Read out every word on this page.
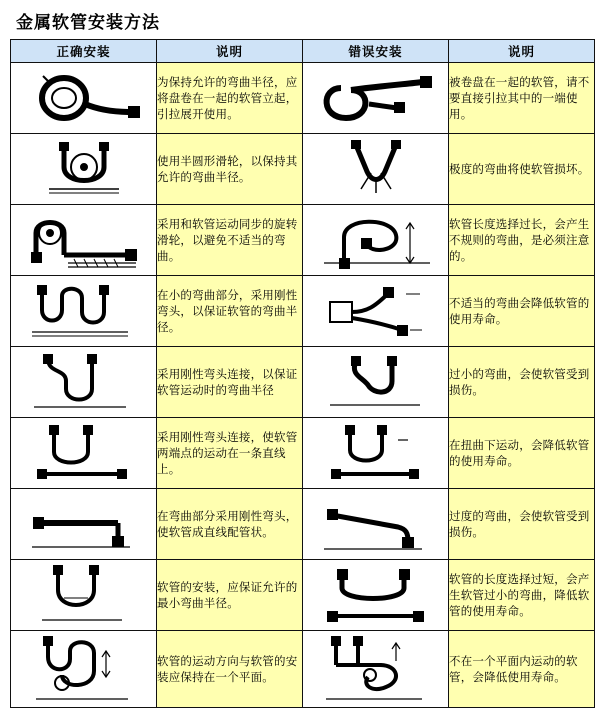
金属软管安装方法
正确安装	说明	错误安装	说明

	为保持允许的弯曲半径，应将盘卷在一起的软管立起，引拉展开使用。		被卷盘在一起的软管，请不要直接引拉其中的一端使用。

	使用半圆形滑轮，以保持其允许的弯曲半径。		极度的弯曲将使软管损坏。

	采用和软管运动同步的旋转滑轮，以避免不适当的弯曲。		软管长度选择过长，会产生不规则的弯曲，是必须注意的。

	在小的弯曲部分，采用刚性弯头，以保证软管的弯曲半径。		不适当的弯曲会降低软管的使用寿命。

	采用刚性弯头连接，以保证软管运动时的弯曲半径		过小的弯曲，会使软管受到损伤。

	采用刚性弯头连接，使软管两端点的运动在一条直线上。		在扭曲下运动，会降低软管的使用寿命。

	在弯曲部分采用刚性弯头，使软管成直线配管状。		过度的弯曲，会使软管受到损伤。

	软管的安装，应保证允许的最小弯曲半径。		软管的长度选择过短，会产生软管过小的弯曲，降低软管的使用寿命。

	软管的运动方向与软管的安装应保持在一个平面。		不在一个平面内运动的软管，会降低使用寿命。
